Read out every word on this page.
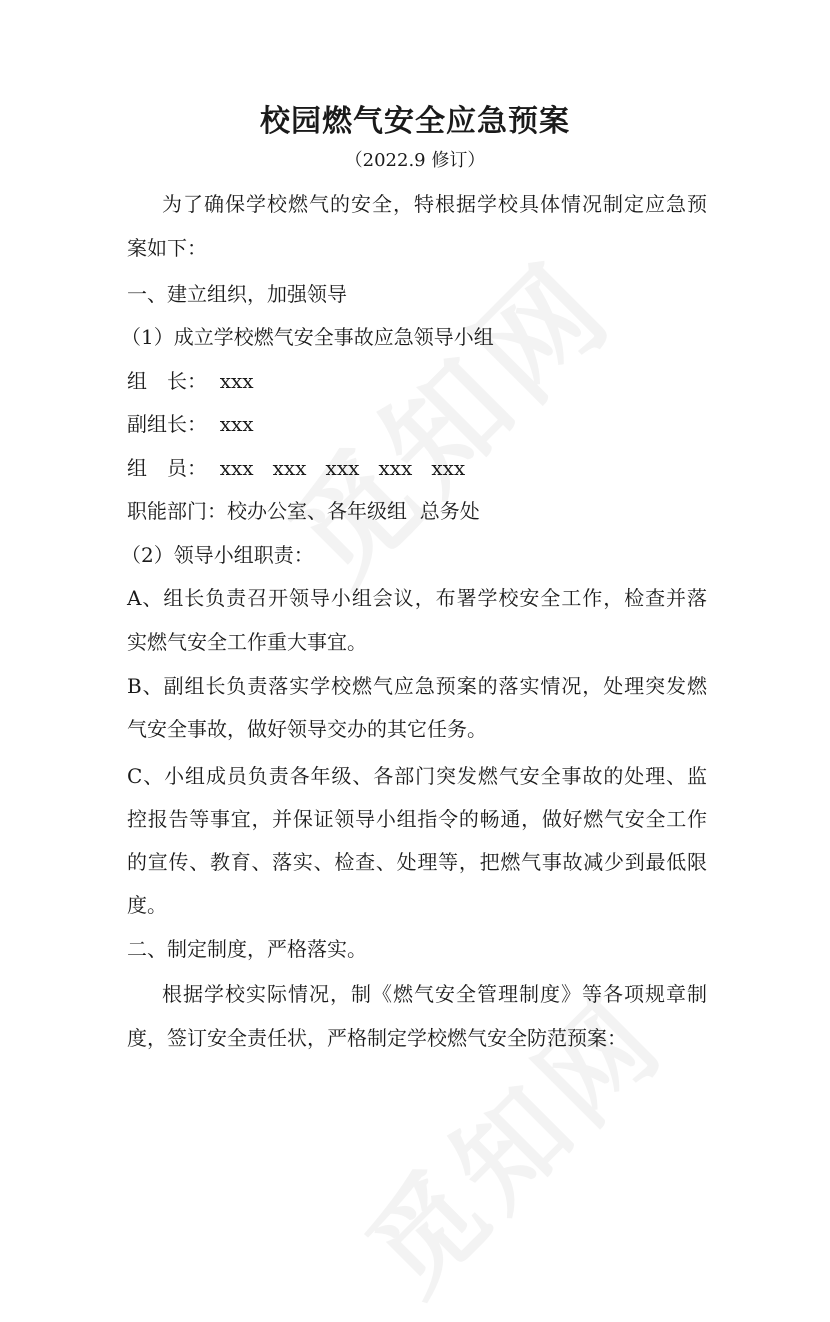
校园燃气安全应急预案
（2022.9 修订）
为了确保学校燃气的安全，特根据学校具体情况制定应急预
案如下：
一、建立组织，加强领导
（1）成立学校燃气安全事故应急领导小组
组　长：  xxx
副组长：  xxx
组　员：  xxx   xxx   xxx   xxx   xxx
职能部门：校办公室、各年级组  总务处
（2）领导小组职责：
A、组长负责召开领导小组会议，布署学校安全工作，检查并落
实燃气安全工作重大事宜。
B、副组长负责落实学校燃气应急预案的落实情况，处理突发燃
气安全事故，做好领导交办的其它任务。
C、小组成员负责各年级、各部门突发燃气安全事故的处理、监
控报告等事宜，并保证领导小组指令的畅通，做好燃气安全工作
的宣传、教育、落实、检查、处理等，把燃气事故减少到最低限
度。
二、制定制度，严格落实。
根据学校实际情况，制《燃气安全管理制度》等各项规章制
度，签订安全责任状，严格制定学校燃气安全防范预案：
